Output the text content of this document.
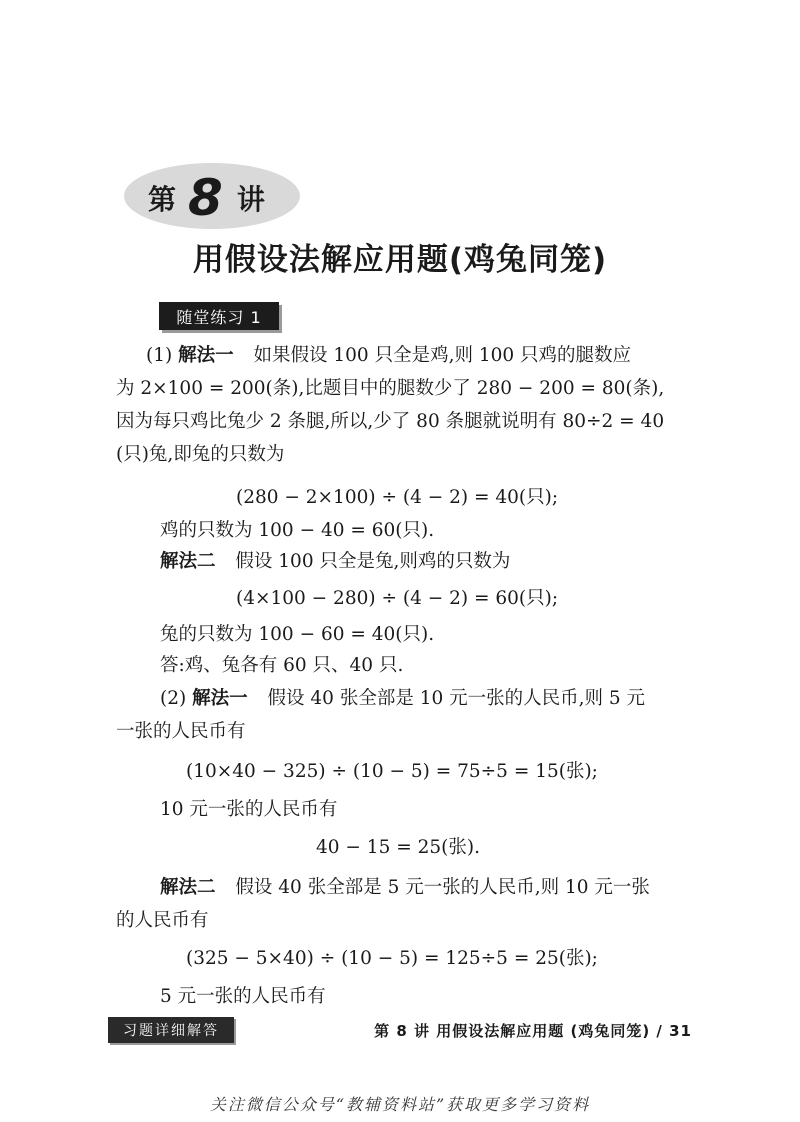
第 8 讲
用假设法解应用题(鸡兔同笼)
随堂练习 1
(1) 解法一 如果假设 100 只全是鸡,则 100 只鸡的腿数应
为 2×100 = 200(条),比题目中的腿数少了 280 − 200 = 80(条),
因为每只鸡比兔少 2 条腿,所以,少了 80 条腿就说明有 80÷2 = 40
(只)兔,即兔的只数为
(280 − 2×100) ÷ (4 − 2) = 40(只);
鸡的只数为 100 − 40 = 60(只).
解法二 假设 100 只全是兔,则鸡的只数为
(4×100 − 280) ÷ (4 − 2) = 60(只);
兔的只数为 100 − 60 = 40(只).
答:鸡、兔各有 60 只、40 只.
(2) 解法一 假设 40 张全部是 10 元一张的人民币,则 5 元
一张的人民币有
(10×40 − 325) ÷ (10 − 5) = 75÷5 = 15(张);
10 元一张的人民币有
40 − 15 = 25(张).
解法二 假设 40 张全部是 5 元一张的人民币,则 10 元一张
的人民币有
(325 − 5×40) ÷ (10 − 5) = 125÷5 = 25(张);
5 元一张的人民币有
习题详细解答	第 8 讲 用假设法解应用题 (鸡兔同笼) / 31
关注微信公众号“教辅资料站”获取更多学习资料
